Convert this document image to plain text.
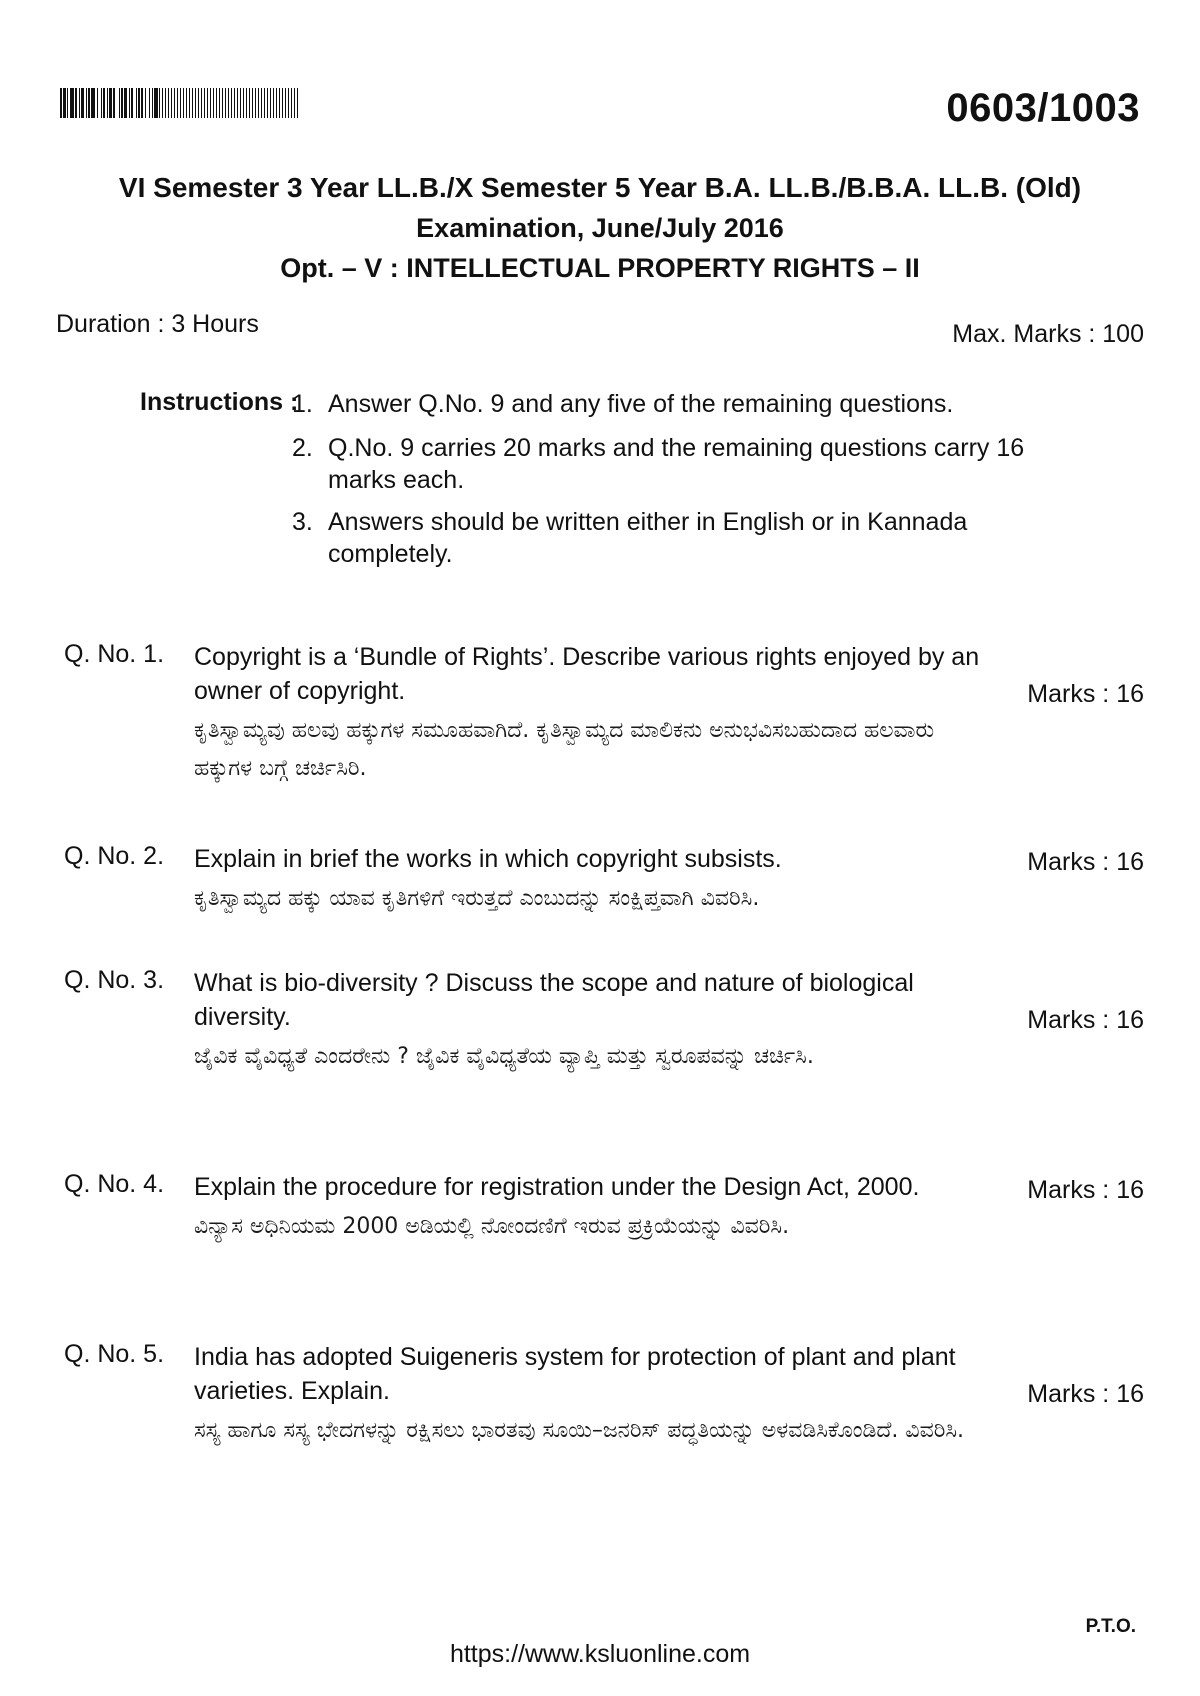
0603/1003
VI Semester 3 Year LL.B./X Semester 5 Year B.A. LL.B./B.B.A. LL.B. (Old)
Examination, June/July 2016
Opt. – V : INTELLECTUAL PROPERTY RIGHTS – II
Duration : 3 Hours	Max. Marks : 100
Instructions :
1. Answer Q.No. 9 and any five of the remaining questions.
2. Q.No. 9 carries 20 marks and the remaining questions carry 16 marks each.
3. Answers should be written either in English or in Kannada completely.
Q. No. 1. Copyright is a ‘Bundle of Rights’. Describe various rights enjoyed by an owner of copyright.
ಕೃತಿಸ್ವಾಮ್ಯವು ಹಲವು ಹಕ್ಕುಗಳ ಸಮೂಹವಾಗಿದೆ. ಕೃತಿಸ್ವಾಮ್ಯದ ಮಾಲಿಕನು ಅನುಭವಿಸಬಹುದಾದ ಹಲವಾರು ಹಕ್ಕುಗಳ ಬಗ್ಗೆ ಚರ್ಚಿಸಿರಿ.
Marks : 16
Q. No. 2. Explain in brief the works in which copyright subsists.
ಕೃತಿಸ್ವಾಮ್ಯದ ಹಕ್ಕು ಯಾವ ಕೃತಿಗಳಿಗೆ ಇರುತ್ತದೆ ಎಂಬುದನ್ನು ಸಂಕ್ಷಿಪ್ತವಾಗಿ ವಿವರಿಸಿ.
Marks : 16
Q. No. 3. What is bio-diversity ? Discuss the scope and nature of biological diversity.
ಜೈವಿಕ ವೈವಿಧ್ಯತೆ ಎಂದರೇನು ? ಜೈವಿಕ ವೈವಿಧ್ಯತೆಯ ವ್ಯಾಪ್ತಿ ಮತ್ತು ಸ್ವರೂಪವನ್ನು ಚರ್ಚಿಸಿ.
Marks : 16
Q. No. 4. Explain the procedure for registration under the Design Act, 2000.
ವಿನ್ಯಾಸ ಅಧಿನಿಯಮ 2000 ಅಡಿಯಲ್ಲಿ ನೋಂದಣಿಗೆ ಇರುವ ಪ್ರಕ್ರಿಯೆಯನ್ನು ವಿವರಿಸಿ.
Marks : 16
Q. No. 5. India has adopted Suigeneris system for protection of plant and plant varieties. Explain.
ಸಸ್ಯ ಹಾಗೂ ಸಸ್ಯ ಭೇದಗಳನ್ನು ರಕ್ಷಿಸಲು ಭಾರತವು ಸೂಯಿ–ಜನರಿಸ್ ಪದ್ಧತಿಯನ್ನು ಅಳವಡಿಸಿಕೊಂಡಿದೆ. ವಿವರಿಸಿ.
Marks : 16
P.T.O.
https://www.ksluonline.com
